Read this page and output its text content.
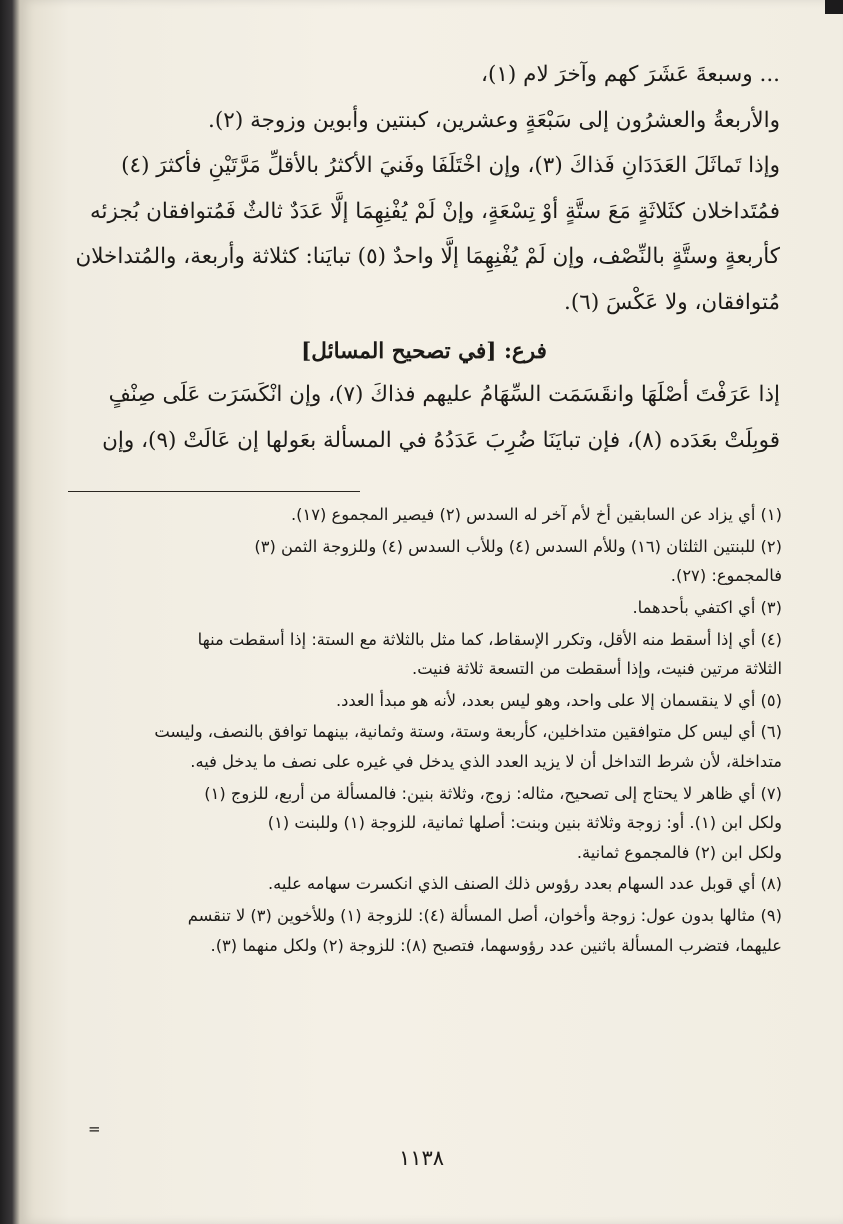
... وسبعةَ عَشَرَ كهم وآخرَ لام (١)،

والأربعةُ والعشرُون إلى سَبْعَةٍ وعشرين، كبنتين وأبوين وزوجة (٢).

وإذا تَماثَلَ العَدَدَانِ فَذاكَ (٣)، وإن اخْتَلَفَا وفَنيَ الأكثرُ بالأقلِّ مَرَّتَيْنِ فأكثرَ (٤)

فمُتَداخلان كثَلاثَةٍ مَعَ ستَّةٍ أوْ تِسْعَةٍ، وإنْ لَمْ يُفْنِهِمَا إلَّا عَدَدٌ ثالثٌ فَمُتوافقان بُجزئه

كأربعةٍ وستَّةٍ بالنِّصْف، وإن لَمْ يُفْنِهِمَا إلَّا واحدٌ (٥) تبايَنا: كثلاثة وأربعة، والمُتداخلان

مُتوافقان، ولا عَكْسَ (٦).

فرع: [في تصحيح المسائل]

إذا عَرَفْتَ أصْلَهَا وانقَسَمَت السِّهَامُ عليهم فذاكَ (٧)، وإن انْكَسَرَت عَلَى صِنْفٍ

قوبِلَتْ بعَدَده (٨)، فإن تبايَنَا ضُرِبَ عَدَدُهُ في المسألة بعَولها إن عَالَتْ (٩)، وإن

(١) أي يزاد عن السابقين أخ لأم آخر له السدس (٢) فيصير المجموع (١٧).

(٢) للبنتين الثلثان (١٦) وللأم السدس (٤) وللأب السدس (٤) وللزوجة الثمن (٣)
فالمجموع: (٢٧).

(٣) أي اكتفي بأحدهما.

(٤) أي إذا أسقط منه الأقل، وتكرر الإسقاط، كما مثل بالثلاثة مع الستة: إذا أسقطت منها
الثلاثة مرتين فنيت، وإذا أسقطت من التسعة ثلاثة فنيت.

(٥) أي لا ينقسمان إلا على واحد، وهو ليس بعدد، لأنه هو مبدأ العدد.

(٦) أي ليس كل متوافقين متداخلين، كأربعة وستة، وستة وثمانية، بينهما توافق بالنصف، وليست
متداخلة، لأن شرط التداخل أن لا يزيد العدد الذي يدخل في غيره على نصف ما يدخل فيه.

(٧) أي ظاهر لا يحتاج إلى تصحيح، مثاله: زوج، وثلاثة بنين: فالمسألة من أربع، للزوج (١)
ولكل ابن (١). أو: زوجة وثلاثة بنين وبنت: أصلها ثمانية، للزوجة (١) وللبنت (١)
ولكل ابن (٢) فالمجموع ثمانية.

(٨) أي قوبل عدد السهام بعدد رؤوس ذلك الصنف الذي انكسرت سهامه عليه.

(٩) مثالها بدون عول: زوجة وأخوان، أصل المسألة (٤): للزوجة (١) وللأخوين (٣) لا تنقسم
عليهما، فتضرب المسألة باثنين عدد رؤوسهما، فتصبح (٨): للزوجة (٢) ولكل منهما (٣).

=
١١٣٨
